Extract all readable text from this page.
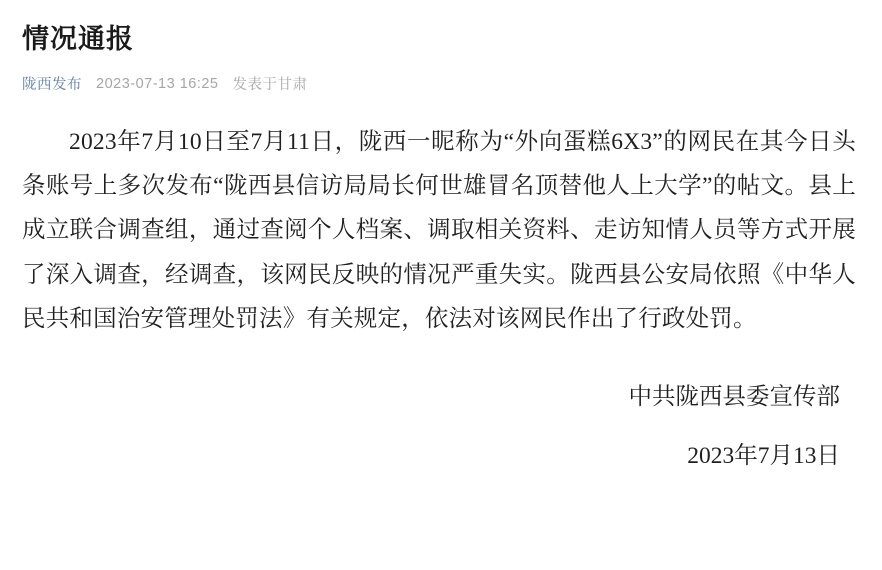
情况通报
陇西发布 2023-07-13 16:25 发表于甘肃

2023年7月10日至7月11日，陇西一昵称为“外向蛋糕6X3”的网民在其今日头条账号上多次发布“陇西县信访局局长何世雄冒名顶替他人上大学”的帖文。县上成立联合调查组，通过查阅个人档案、调取相关资料、走访知情人员等方式开展了深入调查，经调查，该网民反映的情况严重失实。陇西县公安局依照《中华人民共和国治安管理处罚法》有关规定，依法对该网民作出了行政处罚。

中共陇西县委宣传部

2023年7月13日
